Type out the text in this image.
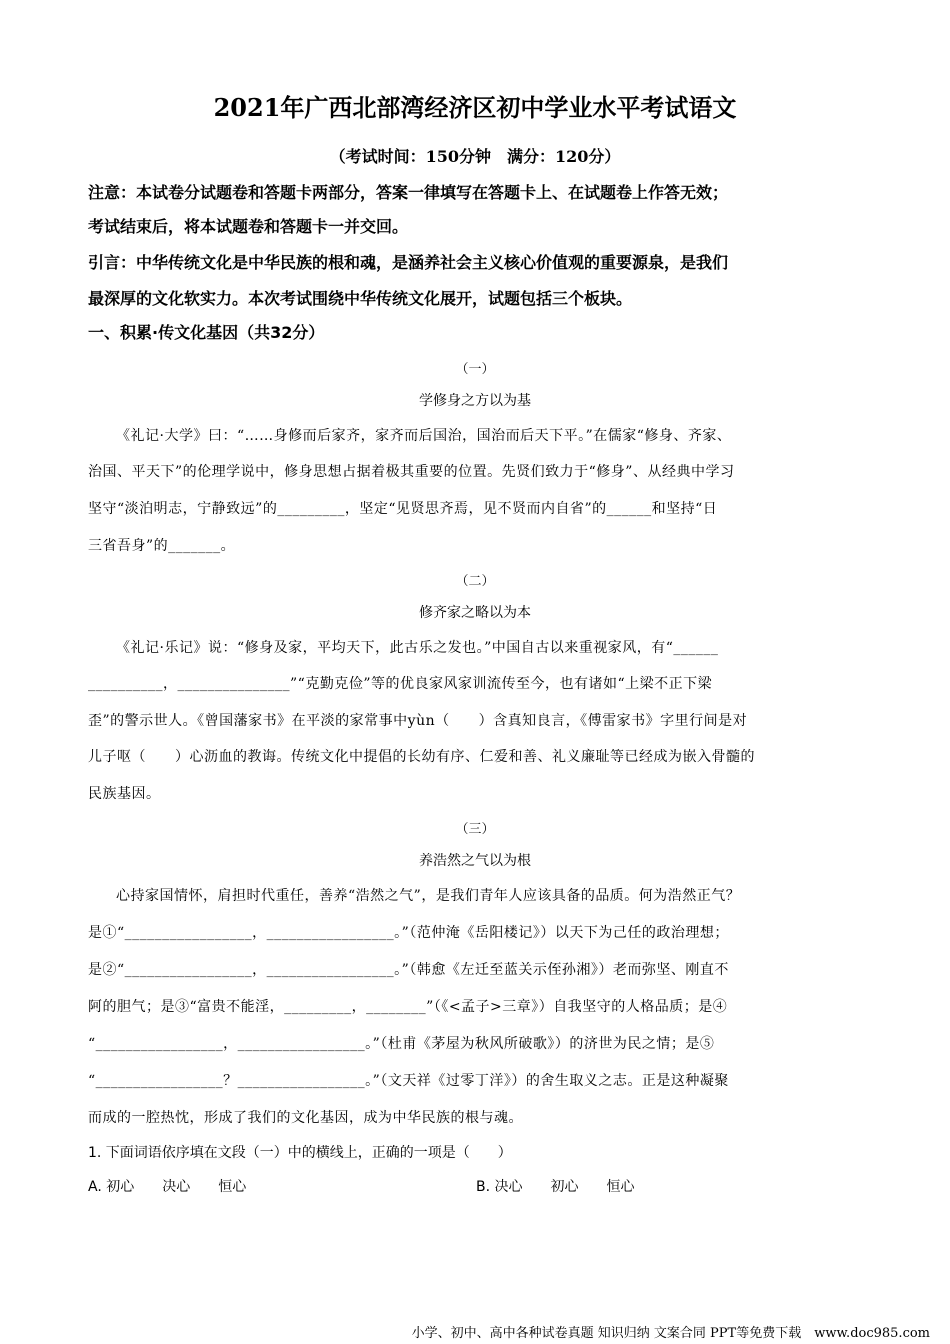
2021年广西北部湾经济区初中学业水平考试语文
（考试时间：150分钟　满分：120分）
注意：本试卷分试题卷和答题卡两部分，答案一律填写在答题卡上、在试题卷上作答无效；
考试结束后，将本试题卷和答题卡一并交回。
引言：中华传统文化是中华民族的根和魂，是涵养社会主义核心价值观的重要源泉，是我们
最深厚的文化软实力。本次考试围绕中华传统文化展开，试题包括三个板块。
一、积累·传文化基因（共32分）
（一）
学修身之方以为基
《礼记·大学》曰：“……身修而后家齐，家齐而后国治，国治而后天下平。”在儒家“修身、齐家、
治国、平天下”的伦理学说中，修身思想占据着极其重要的位置。先贤们致力于“修身”、从经典中学习
坚守“淡泊明志，宁静致远”的_________，坚定“见贤思齐焉，见不贤而内自省”的______和坚持“日
三省吾身”的_______。
（二）
修齐家之略以为本
《礼记·乐记》说：“修身及家，平均天下，此古乐之发也。”中国自古以来重视家风，有“______
__________，_______________”“克勤克俭”等的优良家风家训流传至今，也有诸如“上梁不正下梁
歪”的警示世人。《曾国藩家书》在平淡的家常事中yùn（　　）含真知良言，《傅雷家书》字里行间是对
儿子呕（　　）心沥血的教诲。传统文化中提倡的长幼有序、仁爱和善、礼义廉耻等已经成为嵌入骨髓的
民族基因。
（三）
养浩然之气以为根
心持家国情怀，肩担时代重任，善养“浩然之气”，是我们青年人应该具备的品质。何为浩然正气？
是①“_________________，_________________。”（范仲淹《岳阳楼记》）以天下为己任的政治理想；
是②“_________________，_________________。”（韩愈《左迁至蓝关示侄孙湘》）老而弥坚、刚直不
阿的胆气；是③“富贵不能淫，_________，________”（《<孟子>三章》）自我坚守的人格品质；是④
“_________________，_________________。”（杜甫《茅屋为秋风所破歌》）的济世为民之情；是⑤
“_________________？_________________。”（文天祥《过零丁洋》）的舍生取义之志。正是这种凝聚
而成的一腔热忱，形成了我们的文化基因，成为中华民族的根与魂。
1. 下面词语依序填在文段（一）中的横线上，正确的一项是（　　）
A. 初心　　决心　　恒心	B. 决心　　初心　　恒心
小学、初中、高中各种试卷真题 知识归纳 文案合同 PPT等免费下载　www.doc985.com
